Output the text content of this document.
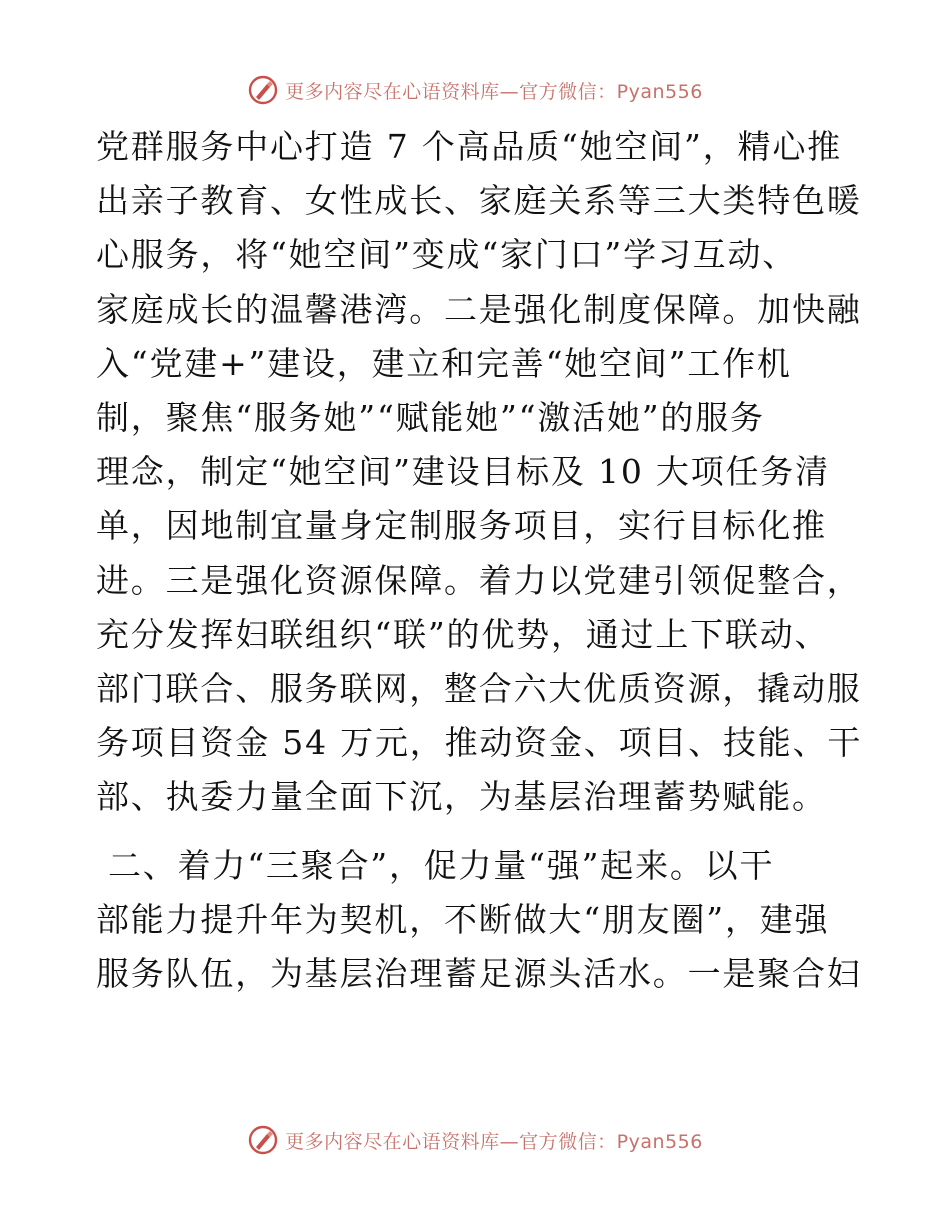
更多内容尽在心语资料库—官方微信：Pyan556
党群服务中心打造 7 个高品质“她空间”，精心推
出亲子教育、女性成长、家庭关系等三大类特色暖
心服务，将“她空间”变成“家门口”学习互动、
家庭成长的温馨港湾。二是强化制度保障。加快融
入“党建+”建设，建立和完善“她空间”工作机
制，聚焦“服务她”“赋能她”“激活她”的服务
理念，制定“她空间”建设目标及 10 大项任务清
单，因地制宜量身定制服务项目，实行目标化推
进。三是强化资源保障。着力以党建引领促整合，
充分发挥妇联组织“联”的优势，通过上下联动、
部门联合、服务联网，整合六大优质资源，撬动服
务项目资金 54 万元，推动资金、项目、技能、干
部、执委力量全面下沉，为基层治理蓄势赋能。
二、着力“三聚合”，促力量“强”起来。以干
部能力提升年为契机，不断做大“朋友圈”，建强
服务队伍，为基层治理蓄足源头活水。一是聚合妇
更多内容尽在心语资料库—官方微信：Pyan556
